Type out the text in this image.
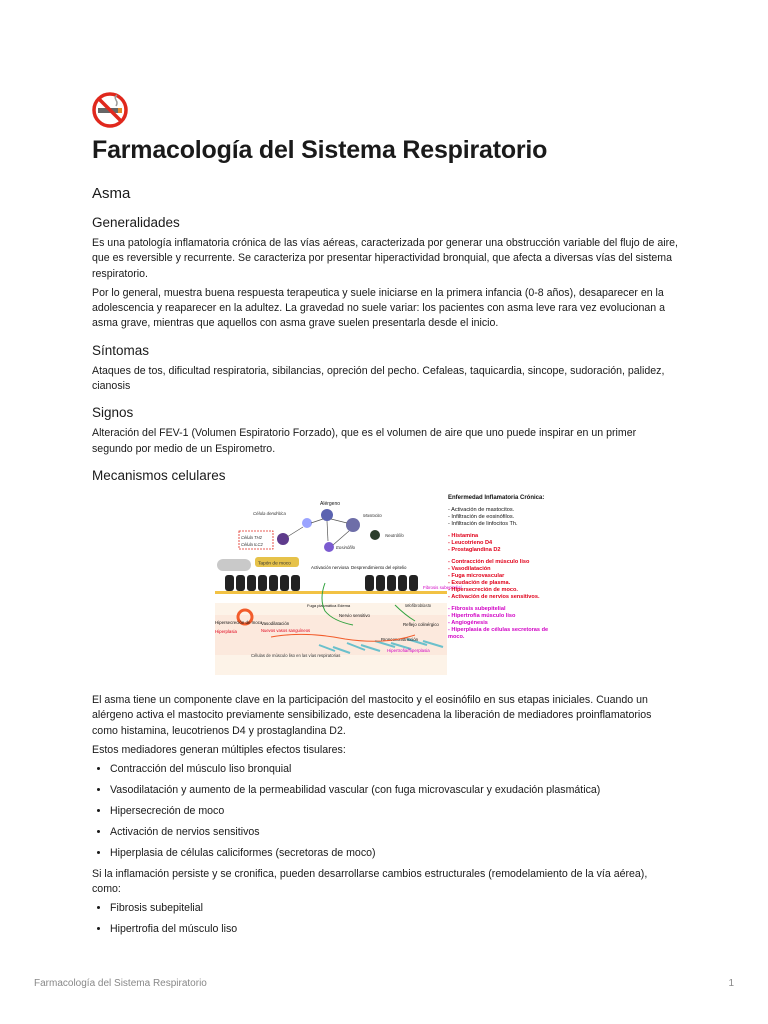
Farmacología del Sistema Respiratorio
Asma
Generalidades

Es una patología inflamatoria crónica de las vías aéreas, caracterizada por generar una obstrucción variable del flujo de aire, que es reversible y recurrente. Se caracteriza por presentar hiperactividad bronquial, que afecta a diversas vías del sistema respiratorio.

Por lo general, muestra buena respuesta terapeutica y suele iniciarse en la primera infancia (0-8 años), desaparecer en la adolescencia y reaparecer en la adultez. La gravedad no suele variar: los pacientes con asma leve rara vez evolucionan a asma grave, mientras que aquellos con asma grave suelen presentarla desde el inicio.

Síntomas

Ataques de tos, dificultad respiratoria, sibilancias, opreción del pecho. Cefaleas, taquicardia, sincope, sudoración, palidez, cianosis

Signos

Alteración del FEV-1 (Volumen Espiratorio Forzado), que es el volumen de aire que uno puede inspirar en un primer segundo por medio de un Espirometro.

Mecanismos celulares
Tapón de moco
Alérgeno
Célula dendrítica	Mastocito
Neutrófilo
Eosinófilo
Célula TH2
Célula ILC2
Activación nerviosa Desprendimiento del epitelio
Fibrosis subepitelial
Miofibroblasto
Fuga plasmática Edema
Nervio sensitivo
Reflejo colinérgico
Hipersecreción de moco
Hiperplasia
Vasodilatación
Nuevos vasos sanguíneos
Broncoconstricción
Hipertrofia/hiperplasia
Células de músculo liso en las vías respiratorias
Enfermedad Inflamatoria Crónica:
- Activación de mastocitos.
- Infiltración de eosinófilos.
- Infiltración de linfocitos Th.
- Histamina
- Leucotrieno D4
- Prostaglandina D2
- Contracción del músculo liso
- Vasodilatación
- Fuga microvascular
- Exudación de plasma.
- Hipersecreción de moco.
- Activación de nervios sensitivos.
- Fibrosis subepitelial
- Hipertrofia músculo liso
- Angiogénesis
- Hiperplasia de células secretoras de moco.

El asma tiene un componente clave en la participación del mastocito y el eosinófilo en sus etapas iniciales. Cuando un alérgeno activa el mastocito previamente sensibilizado, este desencadena la liberación de mediadores proinflamatorios como histamina, leucotrienos D4 y prostaglandina D2.

Estos mediadores generan múltiples efectos tisulares:

• Contracción del músculo liso bronquial
• Vasodilatación y aumento de la permeabilidad vascular (con fuga microvascular y exudación plasmática)
• Hipersecreción de moco
• Activación de nervios sensitivos
• Hiperplasia de células caliciformes (secretoras de moco)

Si la inflamación persiste y se cronifica, pueden desarrollarse cambios estructurales (remodelamiento de la vía aérea), como:

• Fibrosis subepitelial
• Hipertrofia del músculo liso
Farmacología del Sistema Respiratorio	1
